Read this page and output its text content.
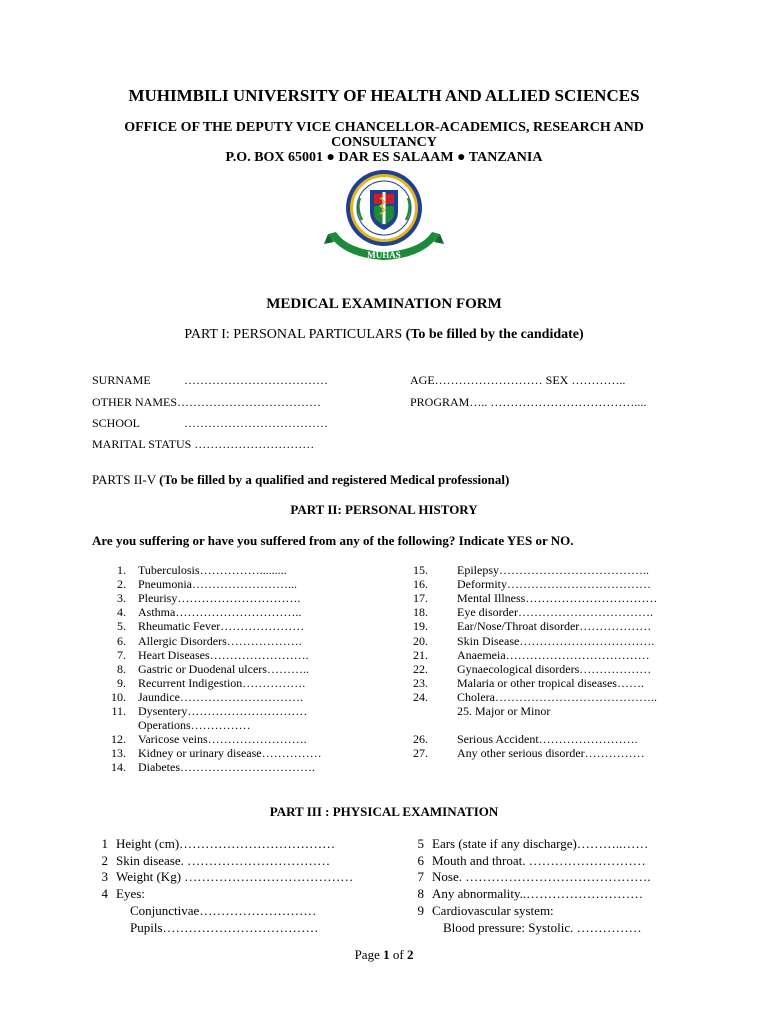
MUHIMBILI UNIVERSITY OF HEALTH AND ALLIED SCIENCES
OFFICE OF THE DEPUTY VICE CHANCELLOR-ACADEMICS, RESEARCH AND
CONSULTANCY
P.O. BOX 65001 ● DAR ES SALAAM ● TANZANIA
MUHAS
MEDICAL EXAMINATION FORM
PART I: PERSONAL PARTICULARS (To be filled by the candidate)
SURNAME	………………………………
OTHER NAMES………………………………
SCHOOL	………………………………
MARITAL STATUS …………………………
AGE……………………… SEX …………..
PROGRAM….. ………………………………....
PARTS II-V (To be filled by a qualified and registered Medical professional)
PART II: PERSONAL HISTORY
Are you suffering or have you suffered from any of the following? Indicate YES or NO.
1. Tuberculosis…………….........
2. Pneumonia……………………...
3. Pleurisy………………………….
4. Asthma…………………………..
5. Rheumatic Fever…………………
6. Allergic Disorders……………….
7. Heart Diseases…………………….
8. Gastric or Duodenal ulcers………..
9. Recurrent Indigestion…………….
10. Jaundice………………………….
11. Dysentery…………………………
Operations……………
12. Varicose veins…………………….
13. Kidney or urinary disease……………
14. Diabetes…………………………….
15. Epilepsy………………………………..
16. Deformity………………………………
17. Mental Illness……………………………
18. Eye disorder…………………………….
19. Ear/Nose/Throat disorder………………
20. Skin Disease…………………………….
21. Anaemeia………………………………
22. Gynaecological disorders………………
23. Malaria or other tropical diseases…….
24. Cholera…………………………………..
25. Major or Minor
26. Serious Accident…………………….
27. Any other serious disorder……………
PART III : PHYSICAL EXAMINATION
1 Height (cm)………………………………
2 Skin disease. ……………………………
3 Weight (Kg) …………………………………
4 Eyes:
Conjunctivae………………………
Pupils………………………………
5 Ears (state if any discharge)………..……
6 Mouth and throat. ………………………
7 Nose. …………………………………….
8 Any abnormality..………………………
9 Cardiovascular system:
Blood pressure: Systolic. ……………
Page 1 of 2
